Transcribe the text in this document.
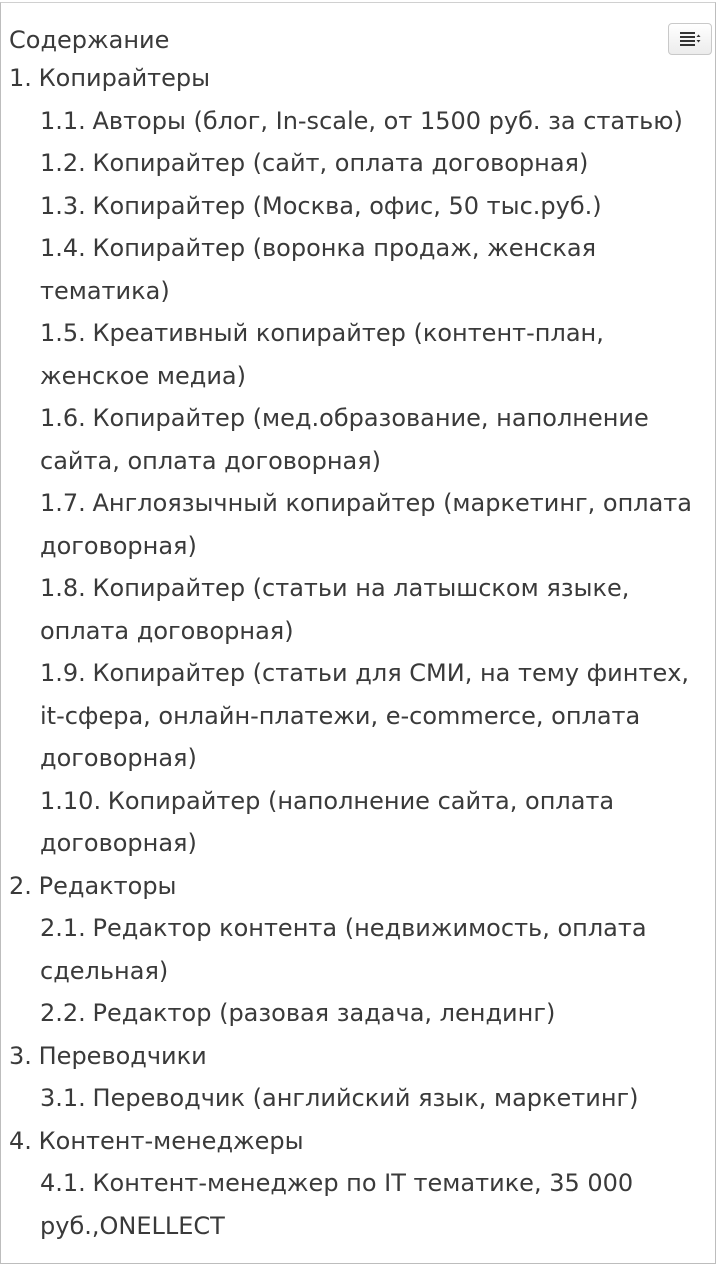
Содержание
1. Копирайтеры
1.1. Авторы (блог, In-scale, от 1500 руб. за статью)
1.2. Копирайтер (сайт, оплата договорная)
1.3. Копирайтер (Москва, офис, 50 тыс.руб.)
1.4. Копирайтер (воронка продаж, женская тематика)
1.5. Креативный копирайтер (контент-план, женское медиа)
1.6. Копирайтер (мед.образование, наполнение сайта, оплата договорная)
1.7. Англоязычный копирайтер (маркетинг, оплата договорная)
1.8. Копирайтер (статьи на латышском языке, оплата договорная)
1.9. Копирайтер (статьи для СМИ, на тему финтех, it-сфера, онлайн-платежи, e-commerce, оплата договорная)
1.10. Копирайтер (наполнение сайта, оплата договорная)
2. Редакторы
2.1. Редактор контента (недвижимость, оплата сдельная)
2.2. Редактор (разовая задача, лендинг)
3. Переводчики
3.1. Переводчик (английский язык, маркетинг)
4. Контент-менеджеры
4.1. Контент-менеджер по IT тематике, 35 000 руб.,ONELLECT
